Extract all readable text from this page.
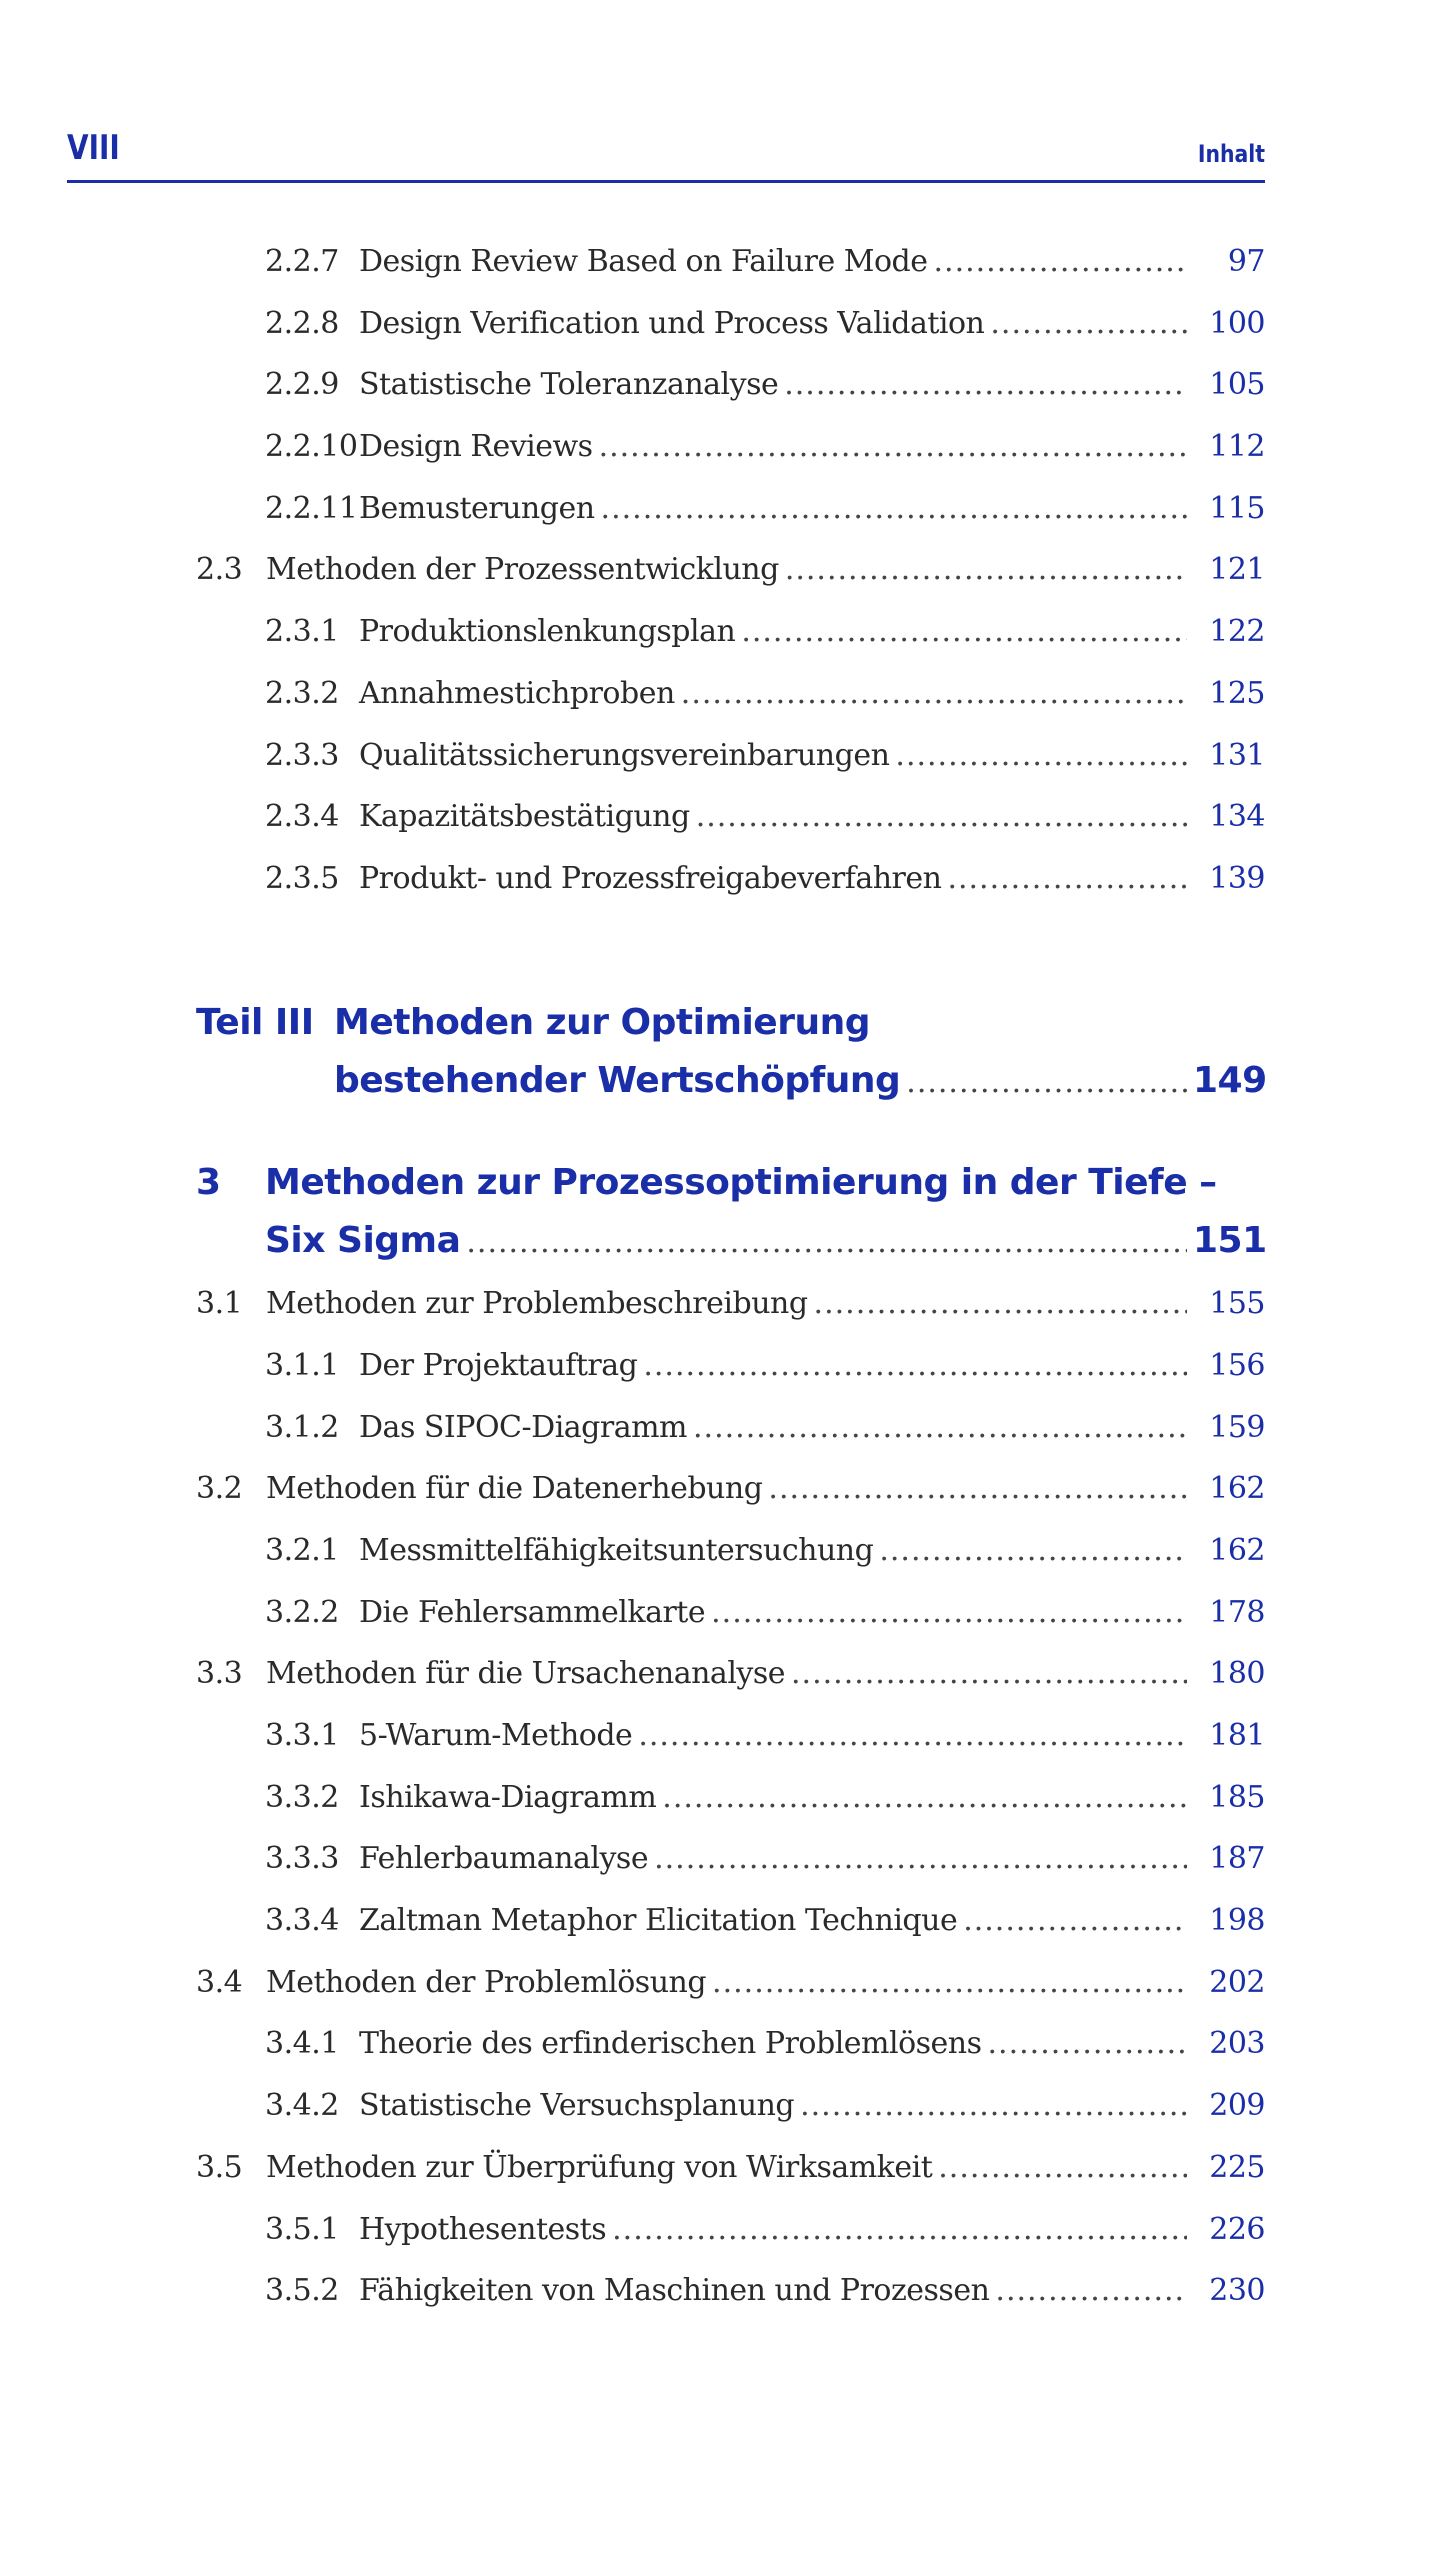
VIII	Inhalt
2.2.7 Design Review Based on Failure Mode .....	97
2.2.8 Design Verification und Process Validation .....	100
2.2.9 Statistische Toleranzanalyse .....	105
2.2.10 Design Reviews .....	112
2.2.11 Bemusterungen .....	115
2.3 Methoden der Prozessentwicklung .....	121
2.3.1 Produktionslenkungsplan .....	122
2.3.2 Annahmestichproben .....	125
2.3.3 Qualitätssicherungsvereinbarungen .....	131
2.3.4 Kapazitätsbestätigung .....	134
2.3.5 Produkt- und Prozessfreigabeverfahren .....	139
Teil III Methoden zur Optimierung
bestehender Wertschöpfung .....	149
3 Methoden zur Prozessoptimierung in der Tiefe –
Six Sigma .....	151
3.1 Methoden zur Problembeschreibung .....	155
3.1.1 Der Projektauftrag .....	156
3.1.2 Das SIPOC-Diagramm .....	159
3.2 Methoden für die Datenerhebung .....	162
3.2.1 Messmittelfähigkeitsuntersuchung .....	162
3.2.2 Die Fehlersammelkarte .....	178
3.3 Methoden für die Ursachenanalyse .....	180
3.3.1 5-Warum-Methode .....	181
3.3.2 Ishikawa-Diagramm .....	185
3.3.3 Fehlerbaumanalyse .....	187
3.3.4 Zaltman Metaphor Elicitation Technique .....	198
3.4 Methoden der Problemlösung .....	202
3.4.1 Theorie des erfinderischen Problemlösens .....	203
3.4.2 Statistische Versuchsplanung .....	209
3.5 Methoden zur Überprüfung von Wirksamkeit .....	225
3.5.1 Hypothesentests .....	226
3.5.2 Fähigkeiten von Maschinen und Prozessen .....	230
